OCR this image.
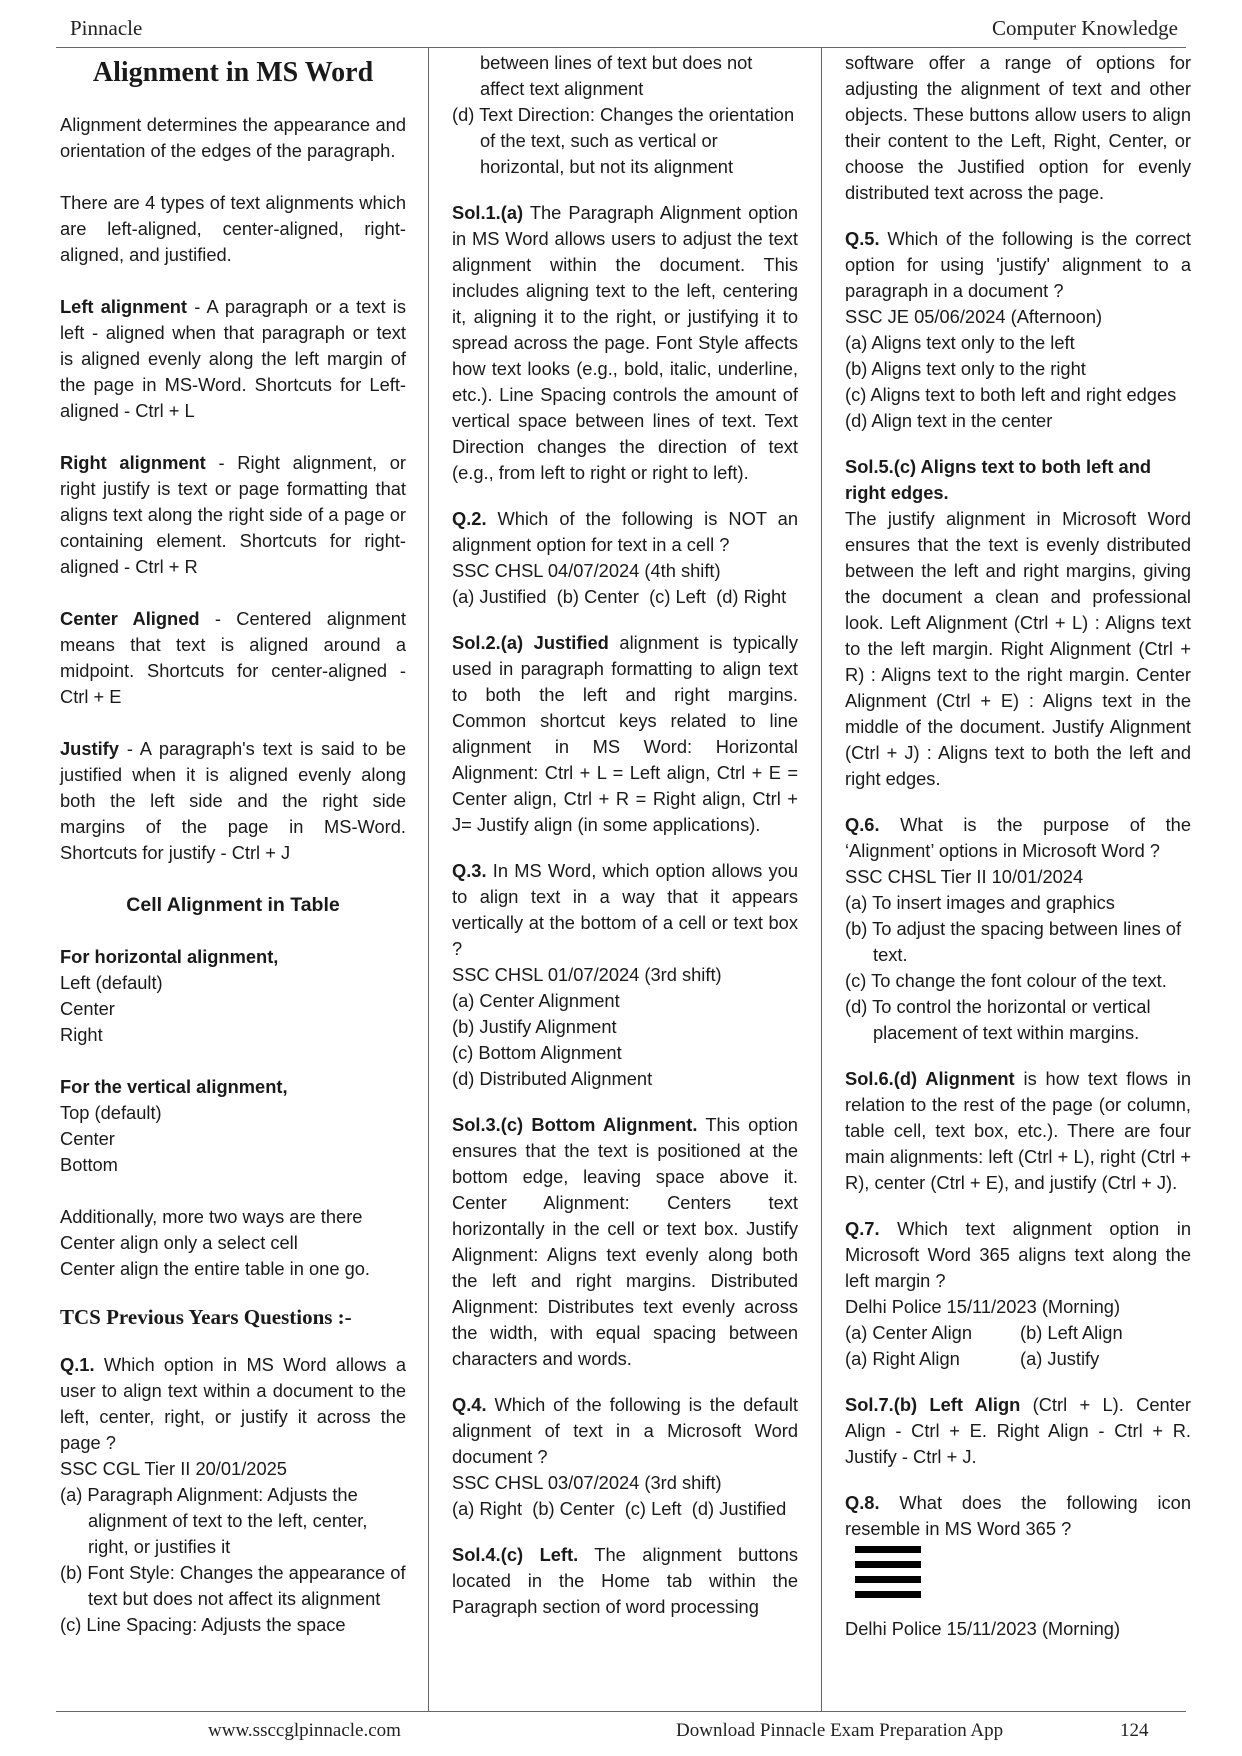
Pinnacle	Computer Knowledge

Alignment in MS Word

Alignment determines the appearance and orientation of the edges of the paragraph.

There are 4 types of text alignments which are left-aligned, center-aligned, right-aligned, and justified.

Left alignment - A paragraph or a text is left - aligned when that paragraph or text is aligned evenly along the left margin of the page in MS-Word. Shortcuts for Left-aligned - Ctrl + L

Right alignment - Right alignment, or right justify is text or page formatting that aligns text along the right side of a page or containing element. Shortcuts for right-aligned - Ctrl + R

Center Aligned - Centered alignment means that text is aligned around a midpoint. Shortcuts for center-aligned - Ctrl + E

Justify - A paragraph's text is said to be justified when it is aligned evenly along both the left side and the right side margins of the page in MS-Word. Shortcuts for justify - Ctrl + J

Cell Alignment in Table

For horizontal alignment,

Left (default)

Center

Right

For the vertical alignment,

Top (default)

Center

Bottom

Additionally, more two ways are there

Center align only a select cell

Center align the entire table in one go.

TCS Previous Years Questions :-

Q.1. Which option in MS Word allows a user to align text within a document to the left, center, right, or justify it across the page ?

SSC CGL Tier II 20/01/2025

(a) Paragraph Alignment: Adjusts the alignment of text to the left, center, right, or justifies it

(b) Font Style: Changes the appearance of text but does not affect its alignment

(c) Line Spacing: Adjusts the space

between lines of text but does not affect text alignment

(d) Text Direction: Changes the orientation of the text, such as vertical or horizontal, but not its alignment

Sol.1.(a) The Paragraph Alignment option in MS Word allows users to adjust the text alignment within the document. This includes aligning text to the left, centering it, aligning it to the right, or justifying it to spread across the page. Font Style affects how text looks (e.g., bold, italic, underline, etc.). Line Spacing controls the amount of vertical space between lines of text. Text Direction changes the direction of text (e.g., from left to right or right to left).

Q.2. Which of the following is NOT an alignment option for text in a cell ?

SSC CHSL 04/07/2024 (4th shift)

(a) Justified  (b) Center  (c) Left  (d) Right

Sol.2.(a) Justified alignment is typically used in paragraph formatting to align text to both the left and right margins. Common shortcut keys related to line alignment in MS Word: Horizontal Alignment: Ctrl + L = Left align, Ctrl + E = Center align, Ctrl + R = Right align, Ctrl + J= Justify align (in some applications).

Q.3. In MS Word, which option allows you to align text in a way that it appears vertically at the bottom of a cell or text box ?

SSC CHSL 01/07/2024 (3rd shift)

(a) Center Alignment

(b) Justify Alignment

(c) Bottom Alignment

(d) Distributed Alignment

Sol.3.(c) Bottom Alignment. This option ensures that the text is positioned at the bottom edge, leaving space above it. Center Alignment: Centers text horizontally in the cell or text box. Justify Alignment: Aligns text evenly along both the left and right margins. Distributed Alignment: Distributes text evenly across the width, with equal spacing between characters and words.

Q.4. Which of the following is the default alignment of text in a Microsoft Word document ?

SSC CHSL 03/07/2024 (3rd shift)

(a) Right  (b) Center  (c) Left  (d) Justified

Sol.4.(c) Left. The alignment buttons located in the Home tab within the Paragraph section of word processing

software offer a range of options for adjusting the alignment of text and other objects. These buttons allow users to align their content to the Left, Right, Center, or choose the Justified option for evenly distributed text across the page.

Q.5. Which of the following is the correct option for using 'justify' alignment to a paragraph in a document ?

SSC JE 05/06/2024 (Afternoon)

(a) Aligns text only to the left

(b) Aligns text only to the right

(c) Aligns text to both left and right edges

(d) Align text in the center

Sol.5.(c) Aligns text to both left and right edges.

The justify alignment in Microsoft Word ensures that the text is evenly distributed between the left and right margins, giving the document a clean and professional look. Left Alignment (Ctrl + L) : Aligns text to the left margin. Right Alignment (Ctrl + R) : Aligns text to the right margin. Center Alignment (Ctrl + E) : Aligns text in the middle of the document. Justify Alignment (Ctrl + J) : Aligns text to both the left and right edges.

Q.6. What is the purpose of the ‘Alignment’ options in Microsoft Word ?

SSC CHSL Tier II 10/01/2024

(a) To insert images and graphics

(b) To adjust the spacing between lines of text.

(c) To change the font colour of the text.

(d) To control the horizontal or vertical placement of text within margins.

Sol.6.(d) Alignment is how text flows in relation to the rest of the page (or column, table cell, text box, etc.). There are four main alignments: left (Ctrl + L), right (Ctrl + R), center (Ctrl + E), and justify (Ctrl + J).

Q.7. Which text alignment option in Microsoft Word 365 aligns text along the left margin ?

Delhi Police 15/11/2023 (Morning)

(a) Center Align	(b) Left Align
(a) Right Align	(a) Justify

Sol.7.(b) Left Align (Ctrl + L). Center Align - Ctrl + E. Right Align - Ctrl + R. Justify - Ctrl + J.

Q.8. What does the following icon resemble in MS Word 365 ?

Delhi Police 15/11/2023 (Morning)

www.ssccglpinnacle.com	Download Pinnacle Exam Preparation App	124
